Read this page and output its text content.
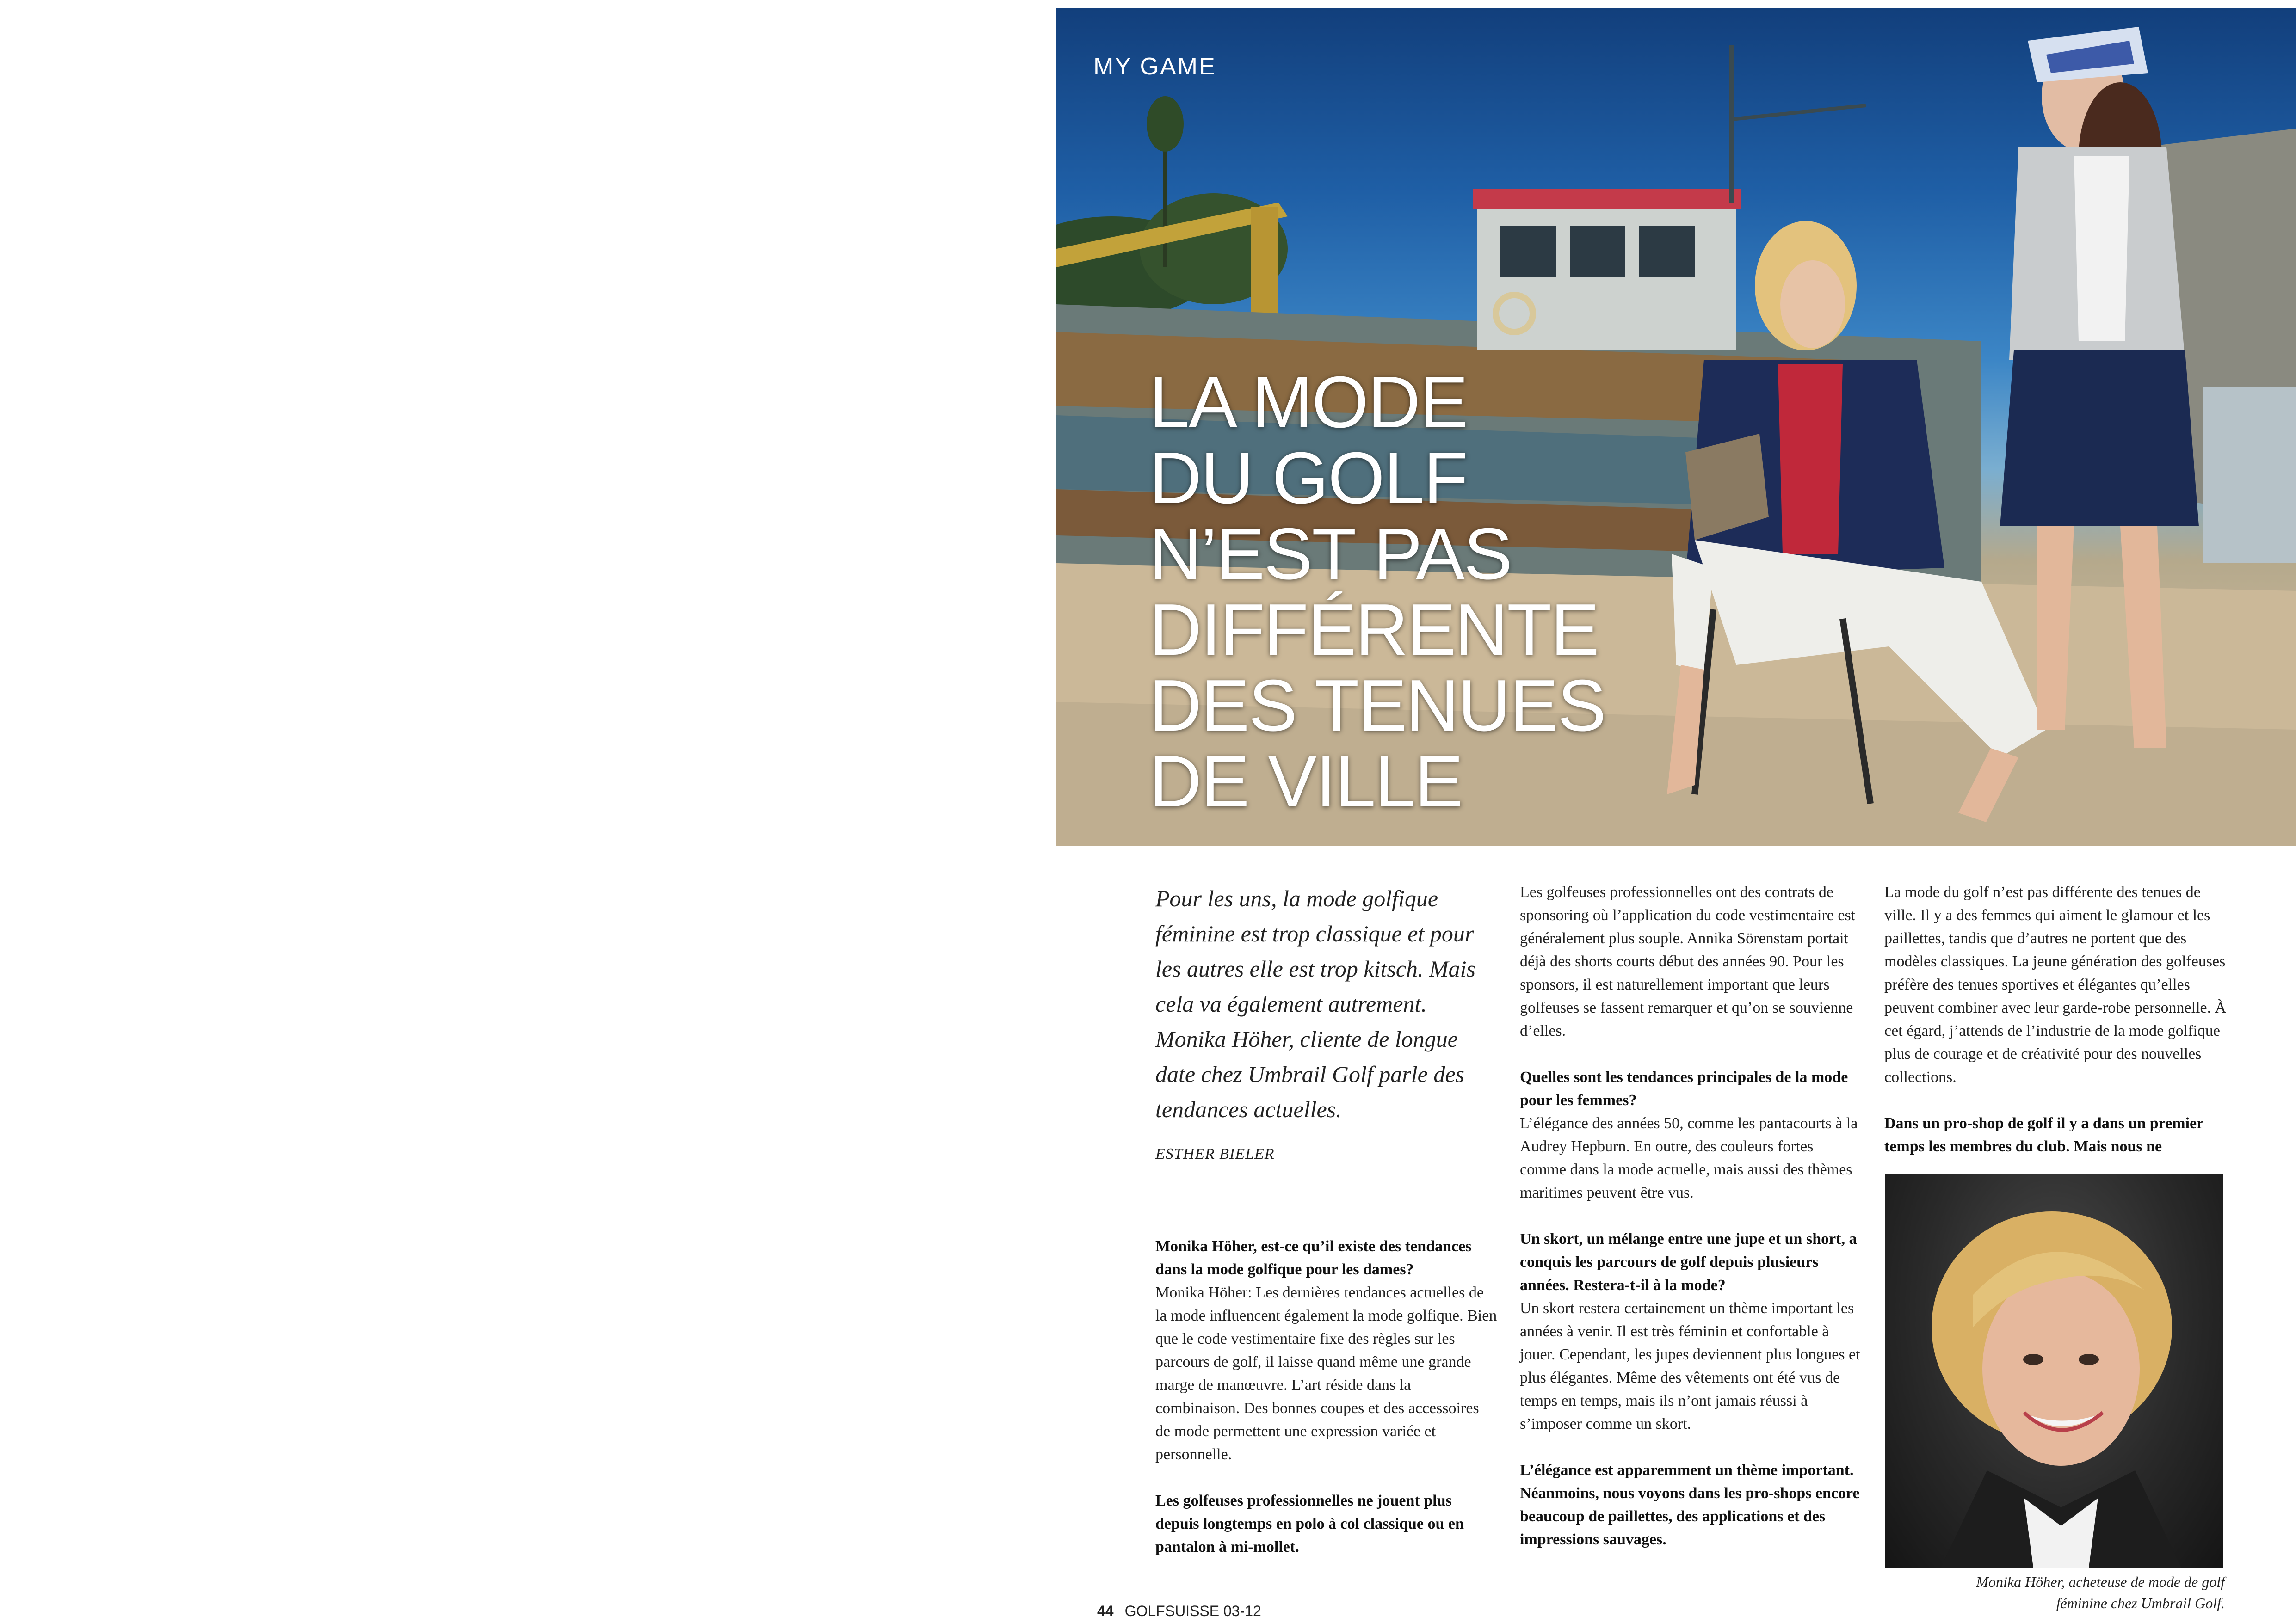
MY GAME
LA MODE
DU GOLF
N’EST PAS
DIFFÉRENTE
DES TENUES
DE VILLE

Pour les uns, la mode golfique féminine est trop classique et pour les autres elle est trop kitsch. Mais cela va également autrement. Monika Höher, cliente de longue date chez Umbrail Golf parle des tendances actuelles.

ESTHER BIELER

Monika Höher, est-ce qu’il existe des tendances dans la mode golfique pour les dames?

Monika Höher: Les dernières tendances actuelles de la mode influencent également la mode golfique. Bien que le code vestimentaire fixe des règles sur les parcours de golf, il laisse quand même une grande marge de manœuvre. L’art réside dans la combinaison. Des bonnes coupes et des accessoires de mode permettent une expression variée et personnelle.

Les golfeuses professionnelles ne jouent plus depuis longtemps en polo à col classique ou en pantalon à mi-mollet.

Les golfeuses professionnelles ont des contrats de sponsoring où l’application du code vestimentaire est généralement plus souple. Annika Sörenstam portait déjà des shorts courts début des années 90. Pour les sponsors, il est naturellement important que leurs golfeuses se fassent remarquer et qu’on se souvienne d’elles.

Quelles sont les tendances principales de la mode pour les femmes?

L’élégance des années 50, comme les pantacourts à la Audrey Hepburn. En outre, des couleurs fortes comme dans la mode actuelle, mais aussi des thèmes maritimes peuvent être vus.

Un skort, un mélange entre une jupe et un short, a conquis les parcours de golf depuis plusieurs années. Restera-t-il à la mode?

Un skort restera certainement un thème important les années à venir. Il est très féminin et confortable à jouer. Cependant, les jupes deviennent plus longues et plus élégantes. Même des vêtements ont été vus de temps en temps, mais ils n’ont jamais réussi à s’imposer comme un skort.

L’élégance est apparemment un thème important. Néanmoins, nous voyons dans les pro-shops encore beaucoup de paillettes, des applications et des impressions sauvages.

La mode du golf n’est pas différente des tenues de ville. Il y a des femmes qui aiment le glamour et les paillettes, tandis que d’autres ne portent que des modèles classiques. La jeune génération des golfeuses préfère des tenues sportives et élégantes qu’elles peuvent combiner avec leur garde-robe personnelle. À cet égard, j’attends de l’industrie de la mode golfique plus de courage et de créativité pour des nouvelles collections.

Dans un pro-shop de golf il y a dans un premier temps les membres du club. Mais nous ne

Monika Höher, acheteuse de mode de golf
féminine chez Umbrail Golf.
44 GOLFSUISSE 03-12
